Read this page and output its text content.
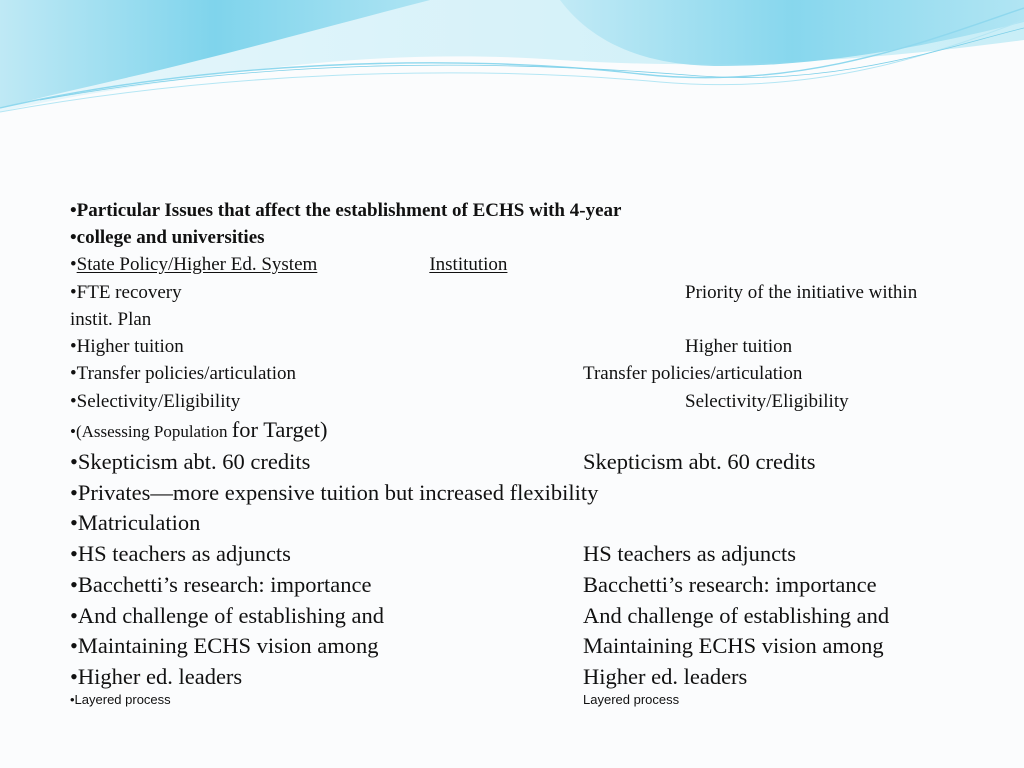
•Particular Issues that affect the establishment of ECHS with 4-year
•college and universities
•State Policy/Higher Ed. System	Institution
•FTE recovery	Priority of the initiative within
instit. Plan
•Higher tuition	Higher tuition
•Transfer policies/articulation	Transfer policies/articulation
•Selectivity/Eligibility	Selectivity/Eligibility
•(Assessing Population for Target)
•Skepticism abt. 60 credits	Skepticism abt. 60 credits
•Privates—more expensive tuition but increased flexibility
•Matriculation
•HS teachers as adjuncts	HS teachers as adjuncts
•Bacchetti’s research: importance	Bacchetti’s research: importance
•And challenge of establishing and	And challenge of establishing and
•Maintaining ECHS vision among	Maintaining ECHS vision among
•Higher ed. leaders	Higher ed. leaders
•Layered process	Layered process
